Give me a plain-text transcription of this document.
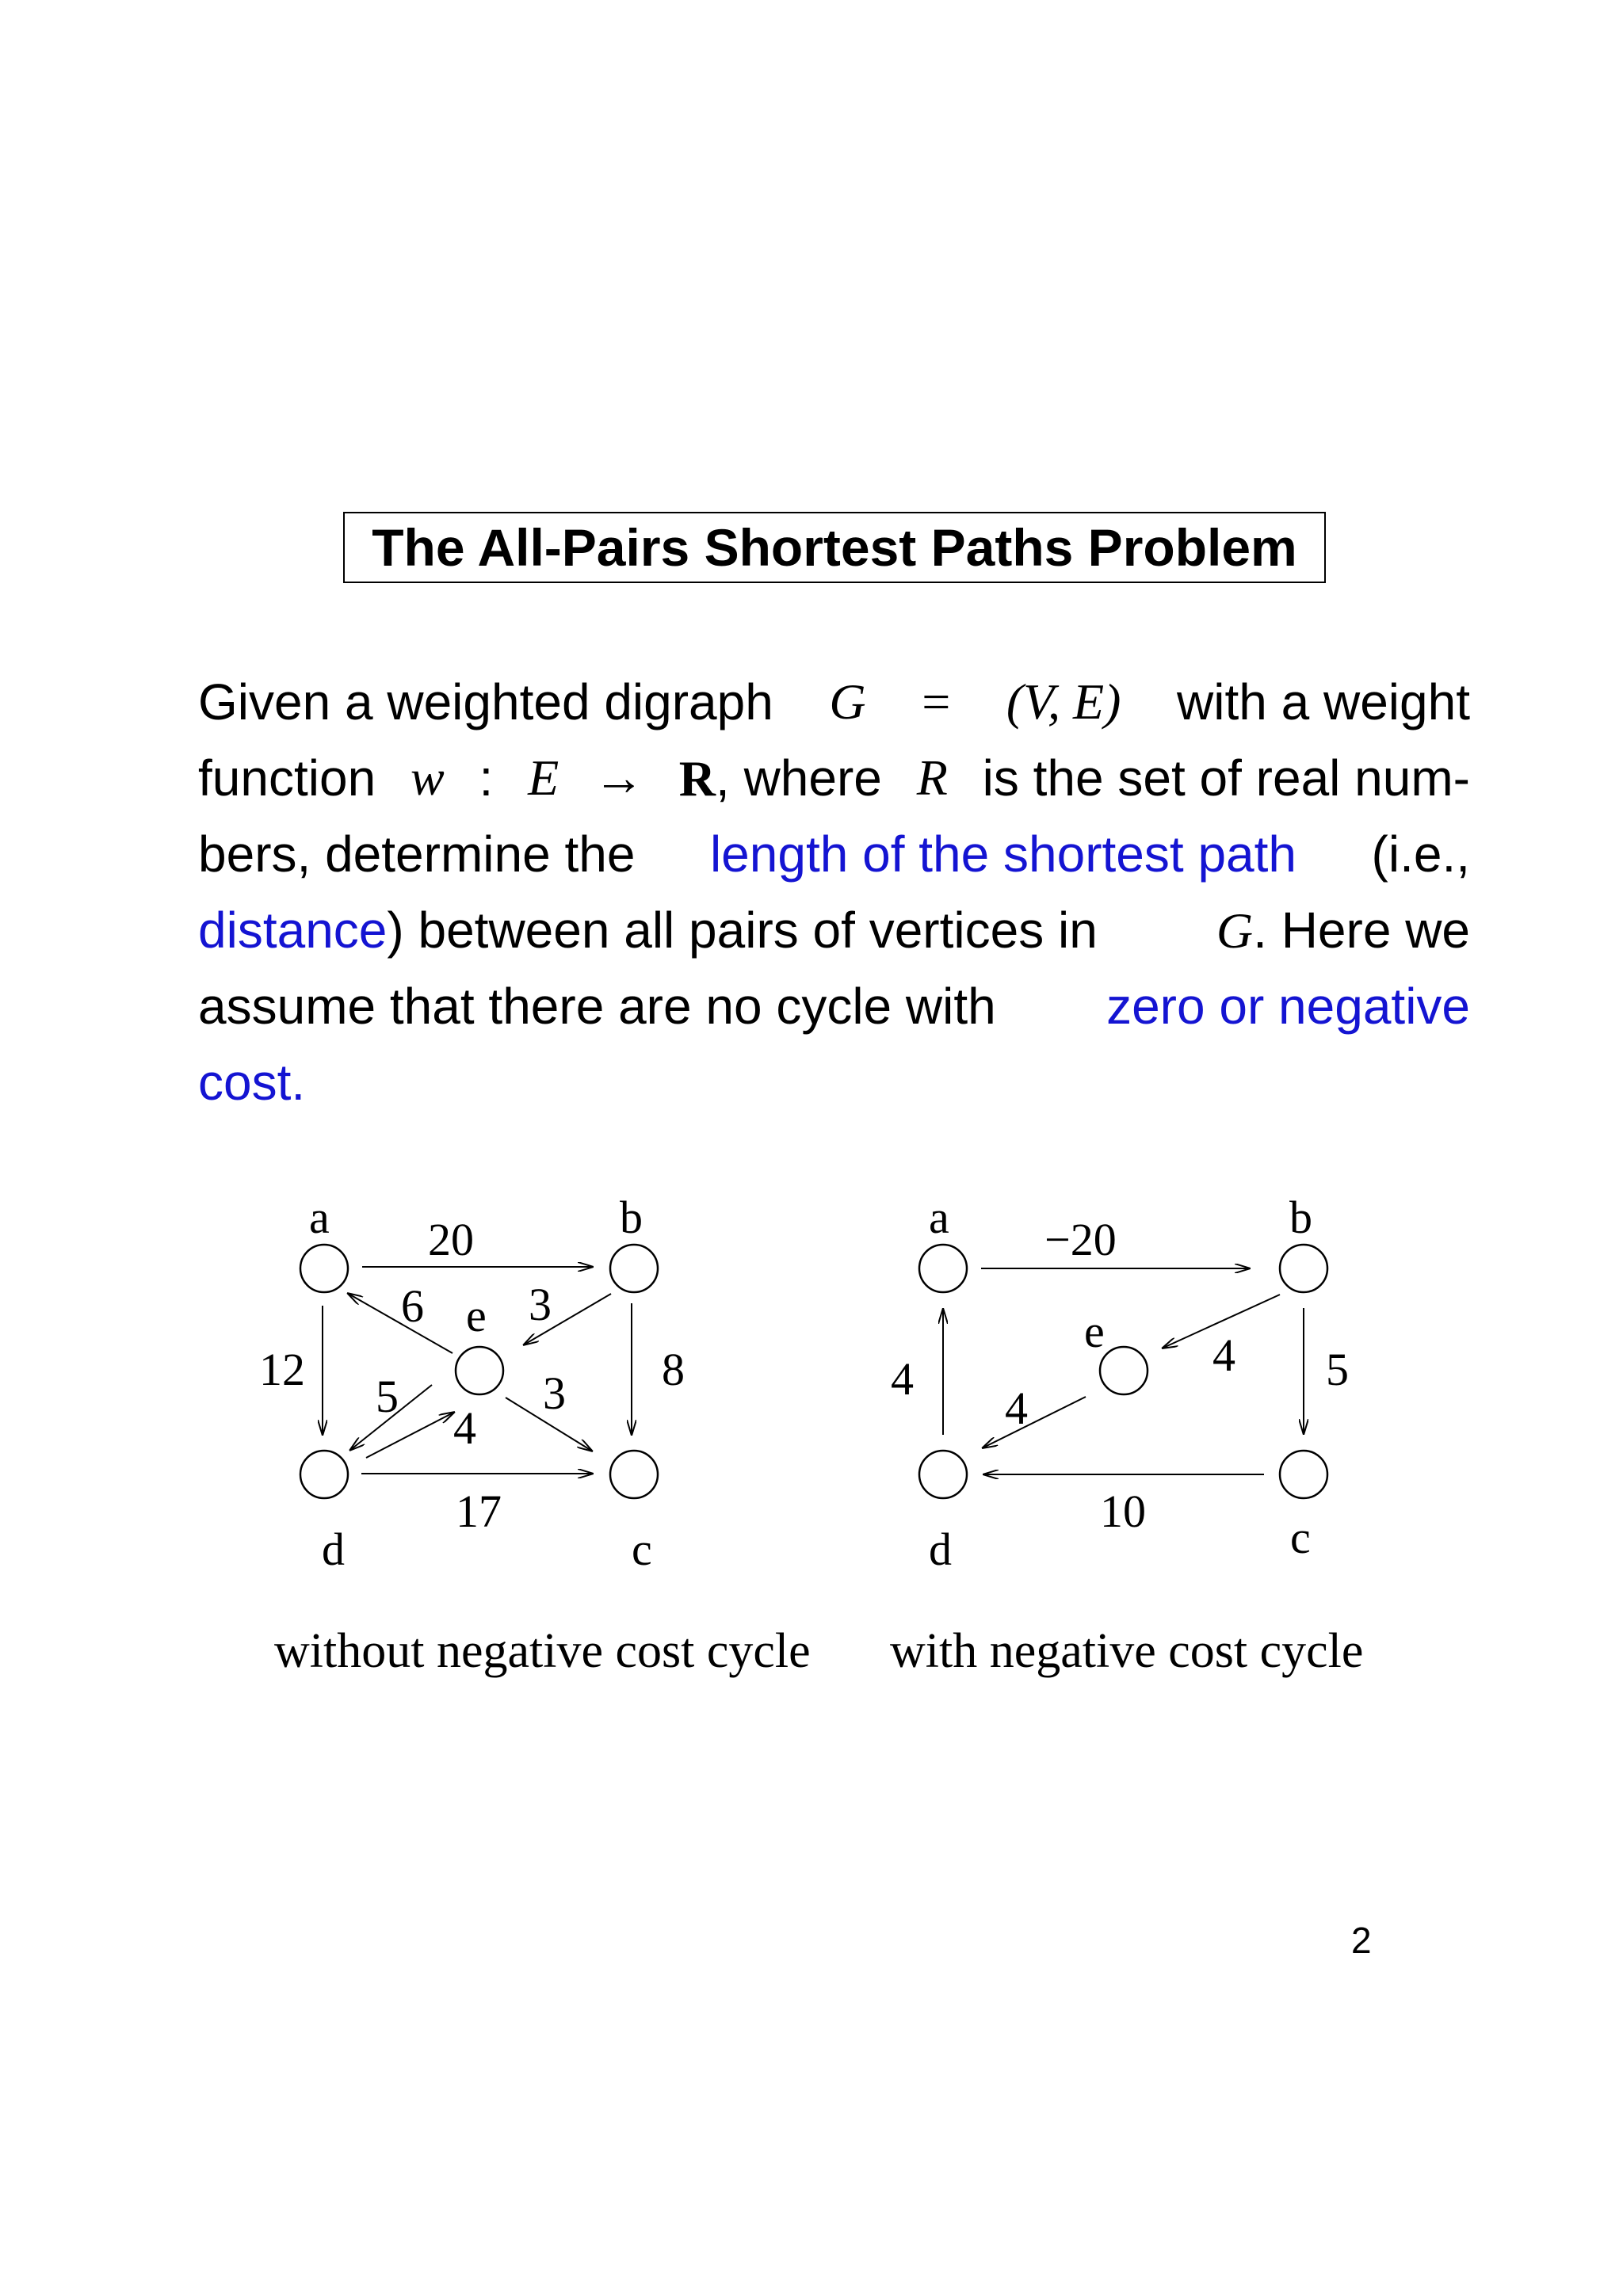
The All-Pairs Shortest Paths Problem
Given a weighted digraph G = (V, E) with a weight
function w : E → R, where R is the set of real num-
bers, determine the length of the shortest path (i.e.,
distance) between all pairs of vertices in G. Here we
assume that there are no cycle with zero or negative
cost.
a	b
e
d	c
20
6 3
12	8
5
4
3
17
without negative cost cycle
a	b
e
d	c
−20
4
4
4 5
10
with negative cost cycle
2
